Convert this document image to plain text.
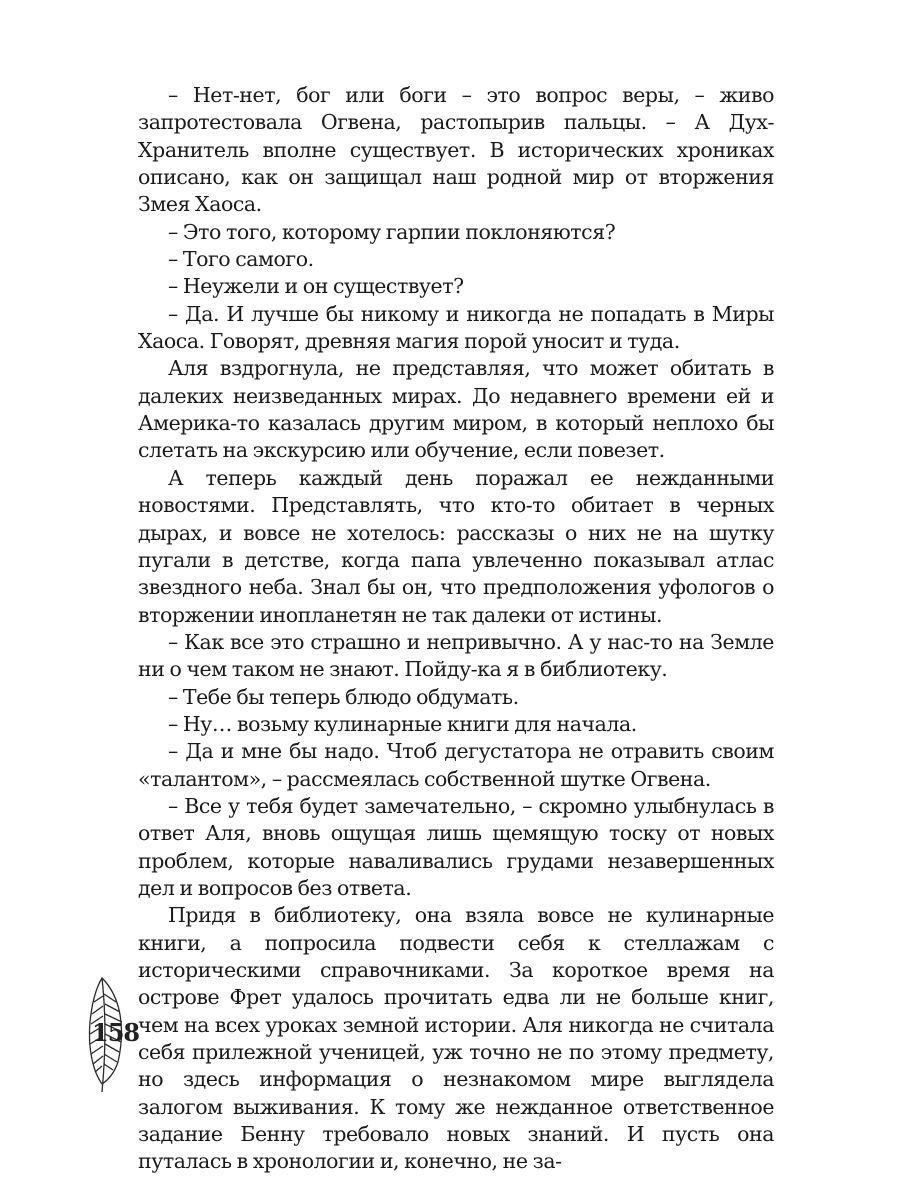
– Нет-нет, бог или боги – это вопрос веры, – живо запротестовала Огвена, растопырив пальцы. – А Дух-Хранитель вполне существует. В исторических хрониках описано, как он защищал наш родной мир от вторжения Змея Хаоса.

– Это того, которому гарпии поклоняются?

– Того самого.

– Неужели и он существует?

– Да. И лучше бы никому и никогда не попадать в Миры Хаоса. Говорят, древняя магия порой уносит и туда.

Аля вздрогнула, не представляя, что может обитать в далеких неизведанных мирах. До недавнего времени ей и Америка-то казалась другим миром, в который неплохо бы слетать на экскурсию или обучение, если повезет.

А теперь каждый день поражал ее нежданными новостями. Представлять, что кто-то обитает в черных дырах, и вовсе не хотелось: рассказы о них не на шутку пугали в детстве, когда папа увлеченно показывал атлас звездного неба. Знал бы он, что предположения уфологов о вторжении инопланетян не так далеки от истины.

– Как все это страшно и непривычно. А у нас-то на Земле ни о чем таком не знают. Пойду-ка я в библиотеку.

– Тебе бы теперь блюдо обдумать.

– Ну… возьму кулинарные книги для начала.

– Да и мне бы надо. Чтоб дегустатора не отравить своим «талантом», – рассмеялась собственной шутке Огвена.

– Все у тебя будет замечательно, – скромно улыбнулась в ответ Аля, вновь ощущая лишь щемящую тоску от новых проблем, которые наваливались грудами незавершенных дел и вопросов без ответа.

Придя в библиотеку, она взяла вовсе не кулинарные книги, а попросила подвести себя к стеллажам с историческими справочниками. За короткое время на острове Фрет удалось прочитать едва ли не больше книг, чем на всех уроках земной истории. Аля никогда не считала себя прилежной ученицей, уж точно не по этому предмету, но здесь информация о незнакомом мире выглядела залогом выживания. К тому же нежданное ответственное задание Бенну требовало новых знаний. И пусть она путалась в хронологии и, конечно, не за-

158
